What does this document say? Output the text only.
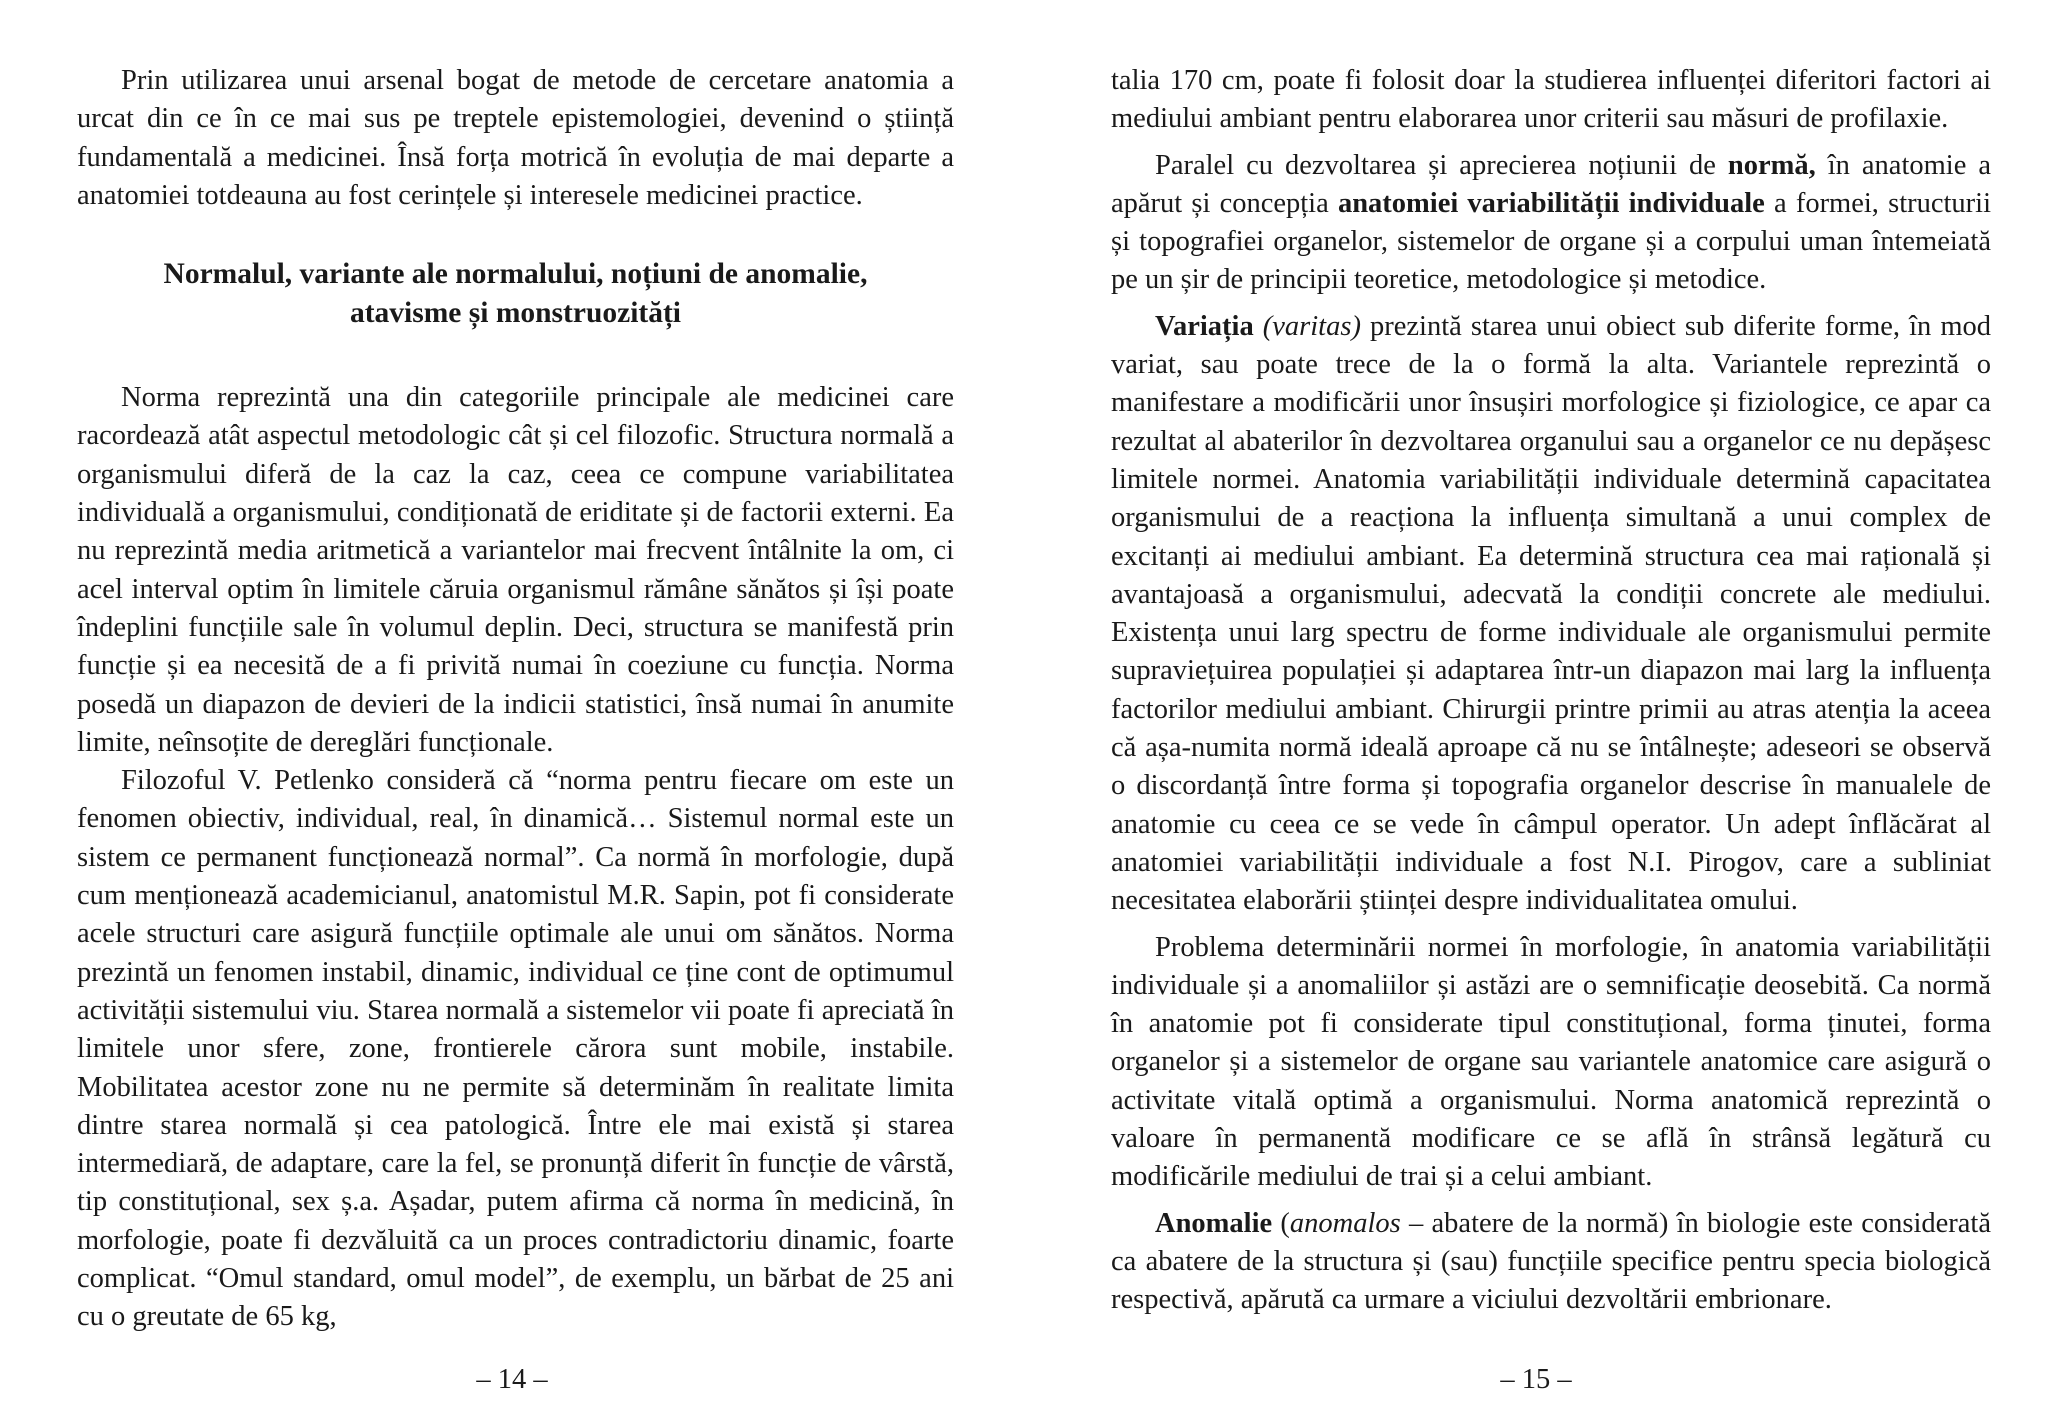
Prin utilizarea unui arsenal bogat de metode de cercetare anatomia a urcat din ce în ce mai sus pe treptele epistemologiei, devenind o știință fundamentală a medicinei. Însă forța motrică în evoluția de mai departe a anatomiei totdeauna au fost cerințele și interesele medicinei practice.

Normalul, variante ale normalului, noțiuni de anomalie,
atavisme și monstruozități

Norma reprezintă una din categoriile principale ale medicinei care racordează atât aspectul metodologic cât și cel filozofic. Structura normală a organismului diferă de la caz la caz, ceea ce compune variabilitatea individuală a organismului, condiționată de eriditate și de factorii externi. Ea nu reprezintă media aritmetică a variantelor mai frecvent întâlnite la om, ci acel interval optim în limitele căruia organismul rămâne sănătos și își poate îndeplini funcțiile sale în volumul deplin. Deci, structura se manifestă prin funcție și ea necesită de a fi privită numai în coeziune cu funcția. Norma posedă un diapazon de devieri de la indicii statistici, însă numai în anumite limite, neînsoțite de dereglări funcționale.

Filozoful V. Petlenko consideră că “norma pentru fiecare om este un fenomen obiectiv, individual, real, în dinamică… Sistemul normal este un sistem ce permanent funcționează normal”. Ca normă în morfologie, după cum menționează academicianul, anatomistul M.R. Sapin, pot fi considerate acele structuri care asigură funcțiile optimale ale unui om sănătos. Norma prezintă un fenomen instabil, dinamic, individual ce ține cont de optimumul activității sistemului viu. Starea normală a sistemelor vii poate fi apreciată în limitele unor sfere, zone, frontierele cărora sunt mobile, instabile. Mobilitatea acestor zone nu ne permite să determinăm în realitate limita dintre starea normală și cea patologică. Între ele mai există și starea intermediară, de adaptare, care la fel, se pronunță diferit în funcție de vârstă, tip constituțional, sex ș.a. Așadar, putem afirma că norma în medicină, în morfologie, poate fi dezvăluită ca un proces contradictoriu dinamic, foarte complicat. “Omul standard, omul model”, de exemplu, un bărbat de 25 ani cu o greutate de 65 kg,

– 14 –

talia 170 cm, poate fi folosit doar la studierea influenței diferitori factori ai mediului ambiant pentru elaborarea unor criterii sau măsuri de profilaxie.

Paralel cu dezvoltarea și aprecierea noțiunii de normă, în anatomie a apărut și concepția anatomiei variabilității individuale a formei, structurii și topografiei organelor, sistemelor de organe și a corpului uman întemeiată pe un șir de principii teoretice, metodologice și metodice.

Variația (varitas) prezintă starea unui obiect sub diferite forme, în mod variat, sau poate trece de la o formă la alta. Variantele reprezintă o manifestare a modificării unor însușiri morfologice și fiziologice, ce apar ca rezultat al abaterilor în dezvoltarea organului sau a organelor ce nu depășesc limitele normei. Anatomia variabilității individuale determină capacitatea organismului de a reacționa la influența simultană a unui complex de excitanți ai mediului ambiant. Ea determină structura cea mai rațională și avantajoasă a organismului, adecvată la condiții concrete ale mediului. Existența unui larg spectru de forme individuale ale organismului permite supraviețuirea populației și adaptarea într-un diapazon mai larg la influența factorilor mediului ambiant. Chirurgii printre primii au atras atenția la aceea că așa-numita normă ideală aproape că nu se întâlnește; adeseori se observă o discordanță între forma și topografia organelor descrise în manualele de anatomie cu ceea ce se vede în câmpul operator. Un adept înflăcărat al anatomiei variabilității individuale a fost N.I. Pirogov, care a subliniat necesitatea elaborării științei despre individualitatea omului.

Problema determinării normei în morfologie, în anatomia variabilității individuale și a anomaliilor și astăzi are o semnificație deosebită. Ca normă în anatomie pot fi considerate tipul constituțional, forma ținutei, forma organelor și a sistemelor de organe sau variantele anatomice care asigură o activitate vitală optimă a organismului. Norma anatomică reprezintă o valoare în permanentă modificare ce se află în strânsă legătură cu modificările mediului de trai și a celui ambiant.

Anomalie (anomalos – abatere de la normă) în biologie este considerată ca abatere de la structura și (sau) funcțiile specifice pentru specia biologică respectivă, apărută ca urmare a viciului dezvoltării embrionare.

– 15 –
